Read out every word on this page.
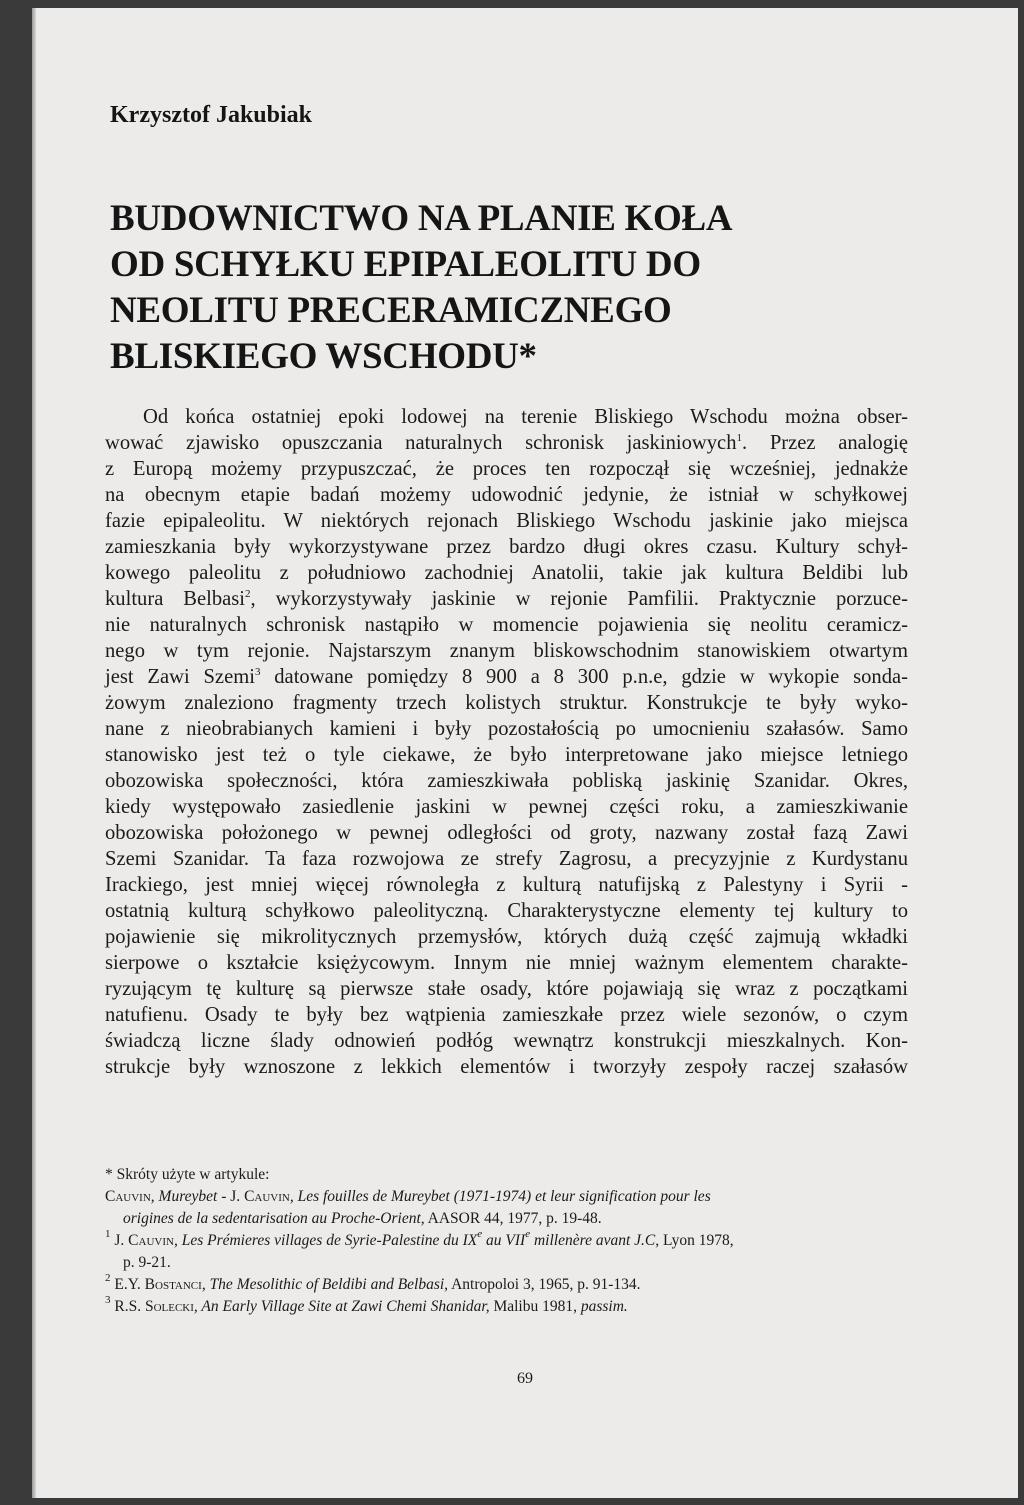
Krzysztof Jakubiak
BUDOWNICTWO NA PLANIE KOŁA
OD SCHYŁKU EPIPALEOLITU DO
NEOLITU PRECERAMICZNEGO
BLISKIEGO WSCHODU*
Od końca ostatniej epoki lodowej na terenie Bliskiego Wschodu można obser-
wować zjawisko opuszczania naturalnych schronisk jaskiniowych$^1$. Przez analogię
z Europą możemy przypuszczać, że proces ten rozpoczął się wcześniej, jednakże
na obecnym etapie badań możemy udowodnić jedynie, że istniał w schyłkowej
fazie epipaleolitu. W niektórych rejonach Bliskiego Wschodu jaskinie jako miejsca
zamieszkania były wykorzystywane przez bardzo długi okres czasu. Kultury schył-
kowego paleolitu z południowo zachodniej Anatolii, takie jak kultura Beldibi lub
kultura Belbasi$^2$, wykorzystywały jaskinie w rejonie Pamfilii. Praktycznie porzuce-
nie naturalnych schronisk nastąpiło w momencie pojawienia się neolitu ceramicz-
nego w tym rejonie. Najstarszym znanym bliskowschodnim stanowiskiem otwartym
jest Zawi Szemi$^3$ datowane pomiędzy 8 900 a 8 300 p.n.e, gdzie w wykopie sonda-
żowym znaleziono fragmenty trzech kolistych struktur. Konstrukcje te były wyko-
nane z nieobrabianych kamieni i były pozostałością po umocnieniu szałasów. Samo
stanowisko jest też o tyle ciekawe, że było interpretowane jako miejsce letniego
obozowiska społeczności, która zamieszkiwała pobliską jaskinię Szanidar. Okres,
kiedy występowało zasiedlenie jaskini w pewnej części roku, a zamieszkiwanie
obozowiska położonego w pewnej odległości od groty, nazwany został fazą Zawi
Szemi Szanidar. Ta faza rozwojowa ze strefy Zagrosu, a precyzyjnie z Kurdystanu
Irackiego, jest mniej więcej równoległa z kulturą natufijską z Palestyny i Syrii -
ostatnią kulturą schyłkowo paleolityczną. Charakterystyczne elementy tej kultury to
pojawienie się mikrolitycznych przemysłów, których dużą część zajmują wkładki
sierpowe o kształcie księżycowym. Innym nie mniej ważnym elementem charakte-
ryzującym tę kulturę są pierwsze stałe osady, które pojawiają się wraz z początkami
natufienu. Osady te były bez wątpienia zamieszkałe przez wiele sezonów, o czym
świadczą liczne ślady odnowień podłóg wewnątrz konstrukcji mieszkalnych. Kon-
strukcje były wznoszone z lekkich elementów i tworzyły zespoły raczej szałasów
* Skróty użyte w artykule:
Cauvin, Mureybet - J. Cauvin, Les fouilles de Mureybet (1971-1974) et leur signification pour les
origines de la sedentarisation au Proche-Orient, AASOR 44, 1977, p. 19-48.
$^1$ J. Cauvin, Les Prémieres villages de Syrie-Palestine du IXe au VIIe millenère avant J.C, Lyon 1978,
p. 9-21.
$^2$ E.Y. Bostanci, The Mesolithic of Beldibi and Belbasi, Antropoloi 3, 1965, p. 91-134.
$^3$ R.S. Solecki, An Early Village Site at Zawi Chemi Shanidar, Malibu 1981, passim.
69
